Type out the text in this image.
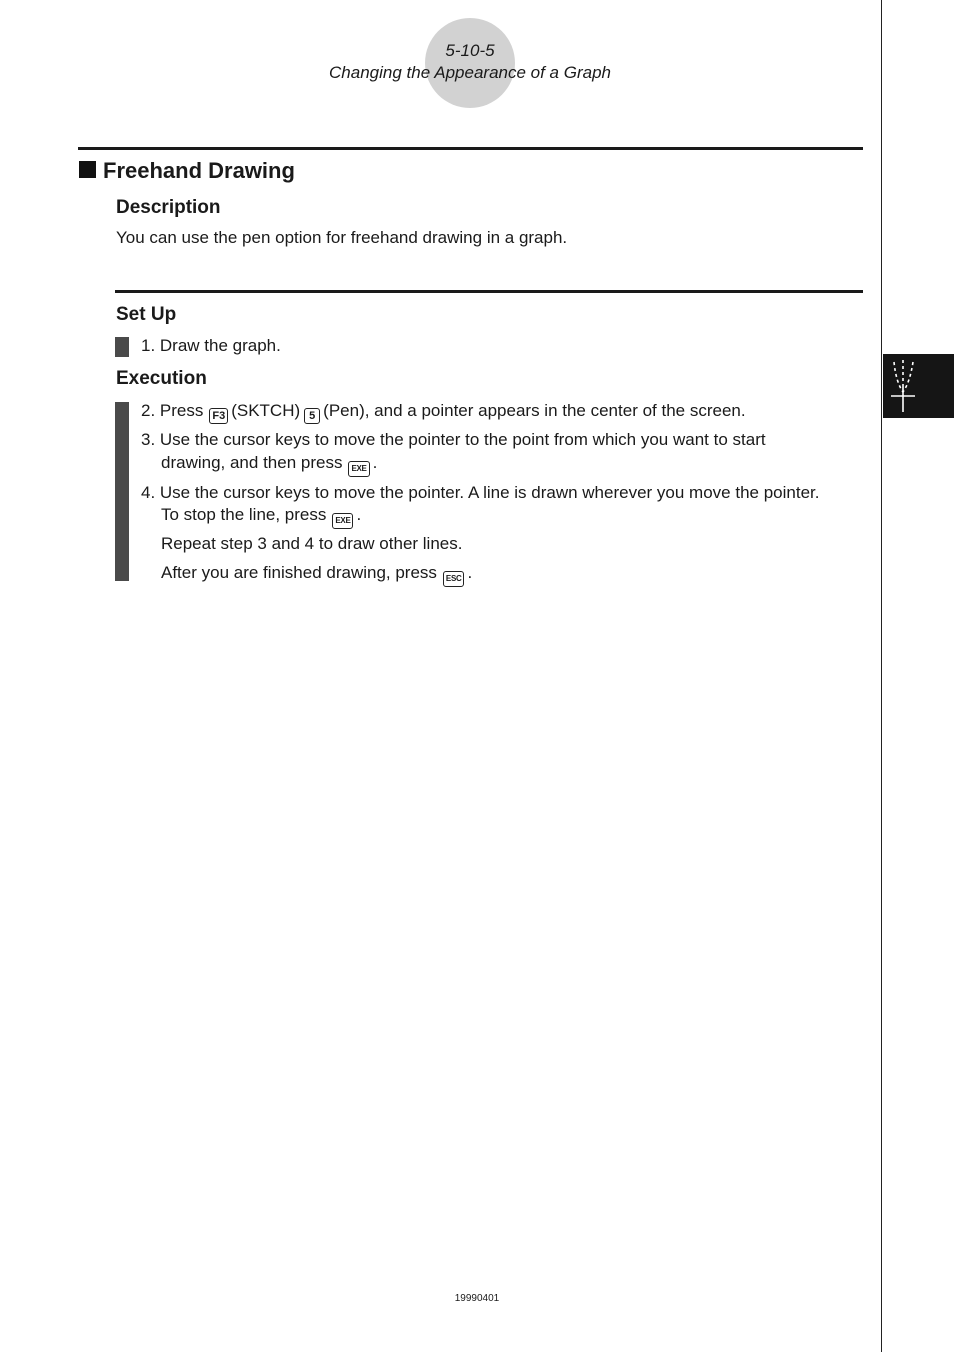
5-10-5
Changing the Appearance of a Graph
Freehand Drawing
Description
You can use the pen option for freehand drawing in a graph.
Set Up
1. Draw the graph.
Execution
2. Press F3 (SKTCH) 5 (Pen), and a pointer appears in the center of the screen.
3. Use the cursor keys to move the pointer to the point from which you want to start
drawing, and then press EXE .
4. Use the cursor keys to move the pointer. A line is drawn wherever you move the pointer.
To stop the line, press EXE .
Repeat step 3 and 4 to draw other lines.
After you are finished drawing, press ESC .
19990401
